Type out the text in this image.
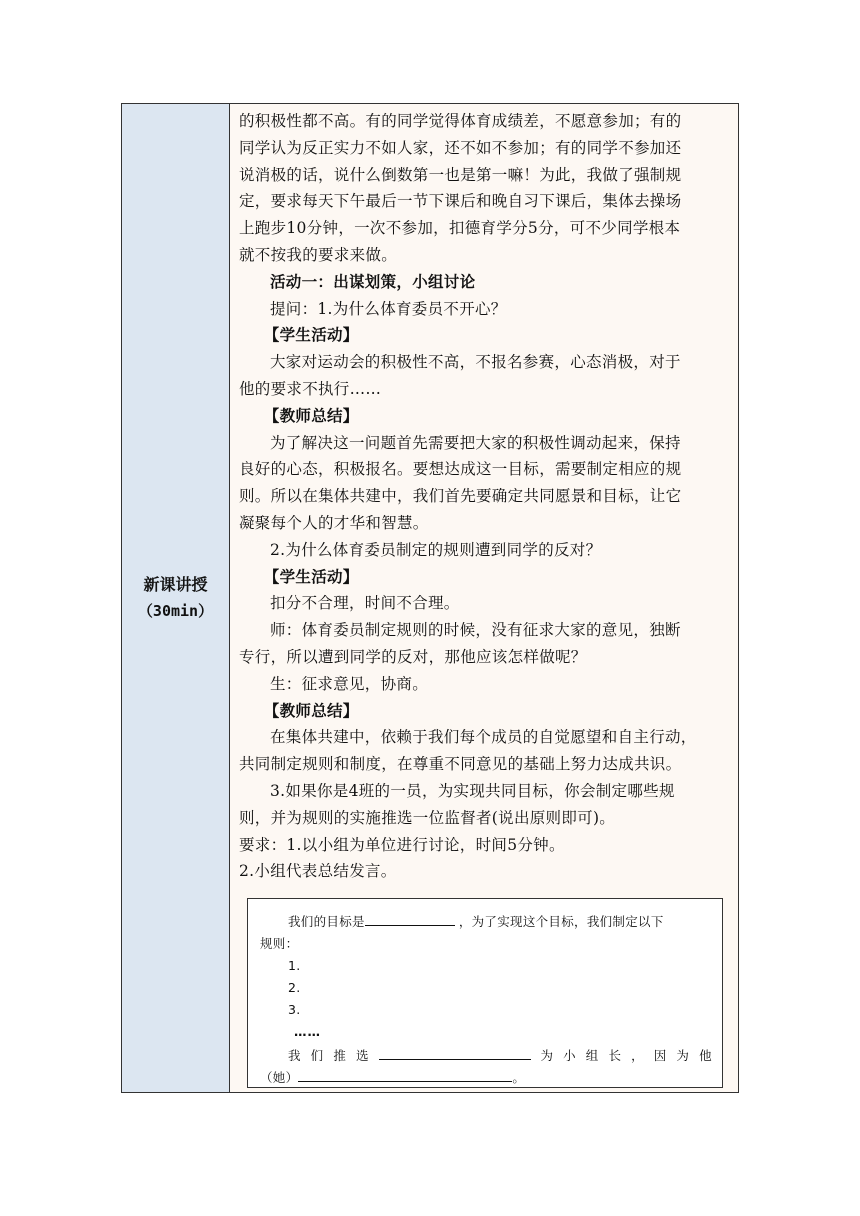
新课讲授
（30min）

的积极性都不高。有的同学觉得体育成绩差，不愿意参加；有的

同学认为反正实力不如人家，还不如不参加；有的同学不参加还

说消极的话，说什么倒数第一也是第一嘛！为此，我做了强制规

定，要求每天下午最后一节下课后和晚自习下课后，集体去操场

上跑步10分钟，一次不参加，扣德育学分5分，可不少同学根本

就不按我的要求来做。

活动一：出谋划策，小组讨论

提问：1.为什么体育委员不开心？

【学生活动】

大家对运动会的积极性不高，不报名参赛，心态消极，对于

他的要求不执行……

【教师总结】

为了解决这一问题首先需要把大家的积极性调动起来，保持

良好的心态，积极报名。要想达成这一目标，需要制定相应的规

则。所以在集体共建中，我们首先要确定共同愿景和目标，让它

凝聚每个人的才华和智慧。

2.为什么体育委员制定的规则遭到同学的反对？

【学生活动】

扣分不合理，时间不合理。

师：体育委员制定规则的时候，没有征求大家的意见，独断

专行，所以遭到同学的反对，那他应该怎样做呢？

生：征求意见，协商。

【教师总结】

在集体共建中，依赖于我们每个成员的自觉愿望和自主行动，

共同制定规则和制度，在尊重不同意见的基础上努力达成共识。

3.如果你是4班的一员，为实现共同目标，你会制定哪些规

则，并为规则的实施推选一位监督者(说出原则即可)。

要求：1.以小组为单位进行讨论，时间5分钟。

2.小组代表总结发言。

我们的目标是	，为了实现这个目标，我们制定以下
规则：
1.
2.
3.
……
我 们 推 选	为 小 组 长 ， 因 为 他
（她）	。
